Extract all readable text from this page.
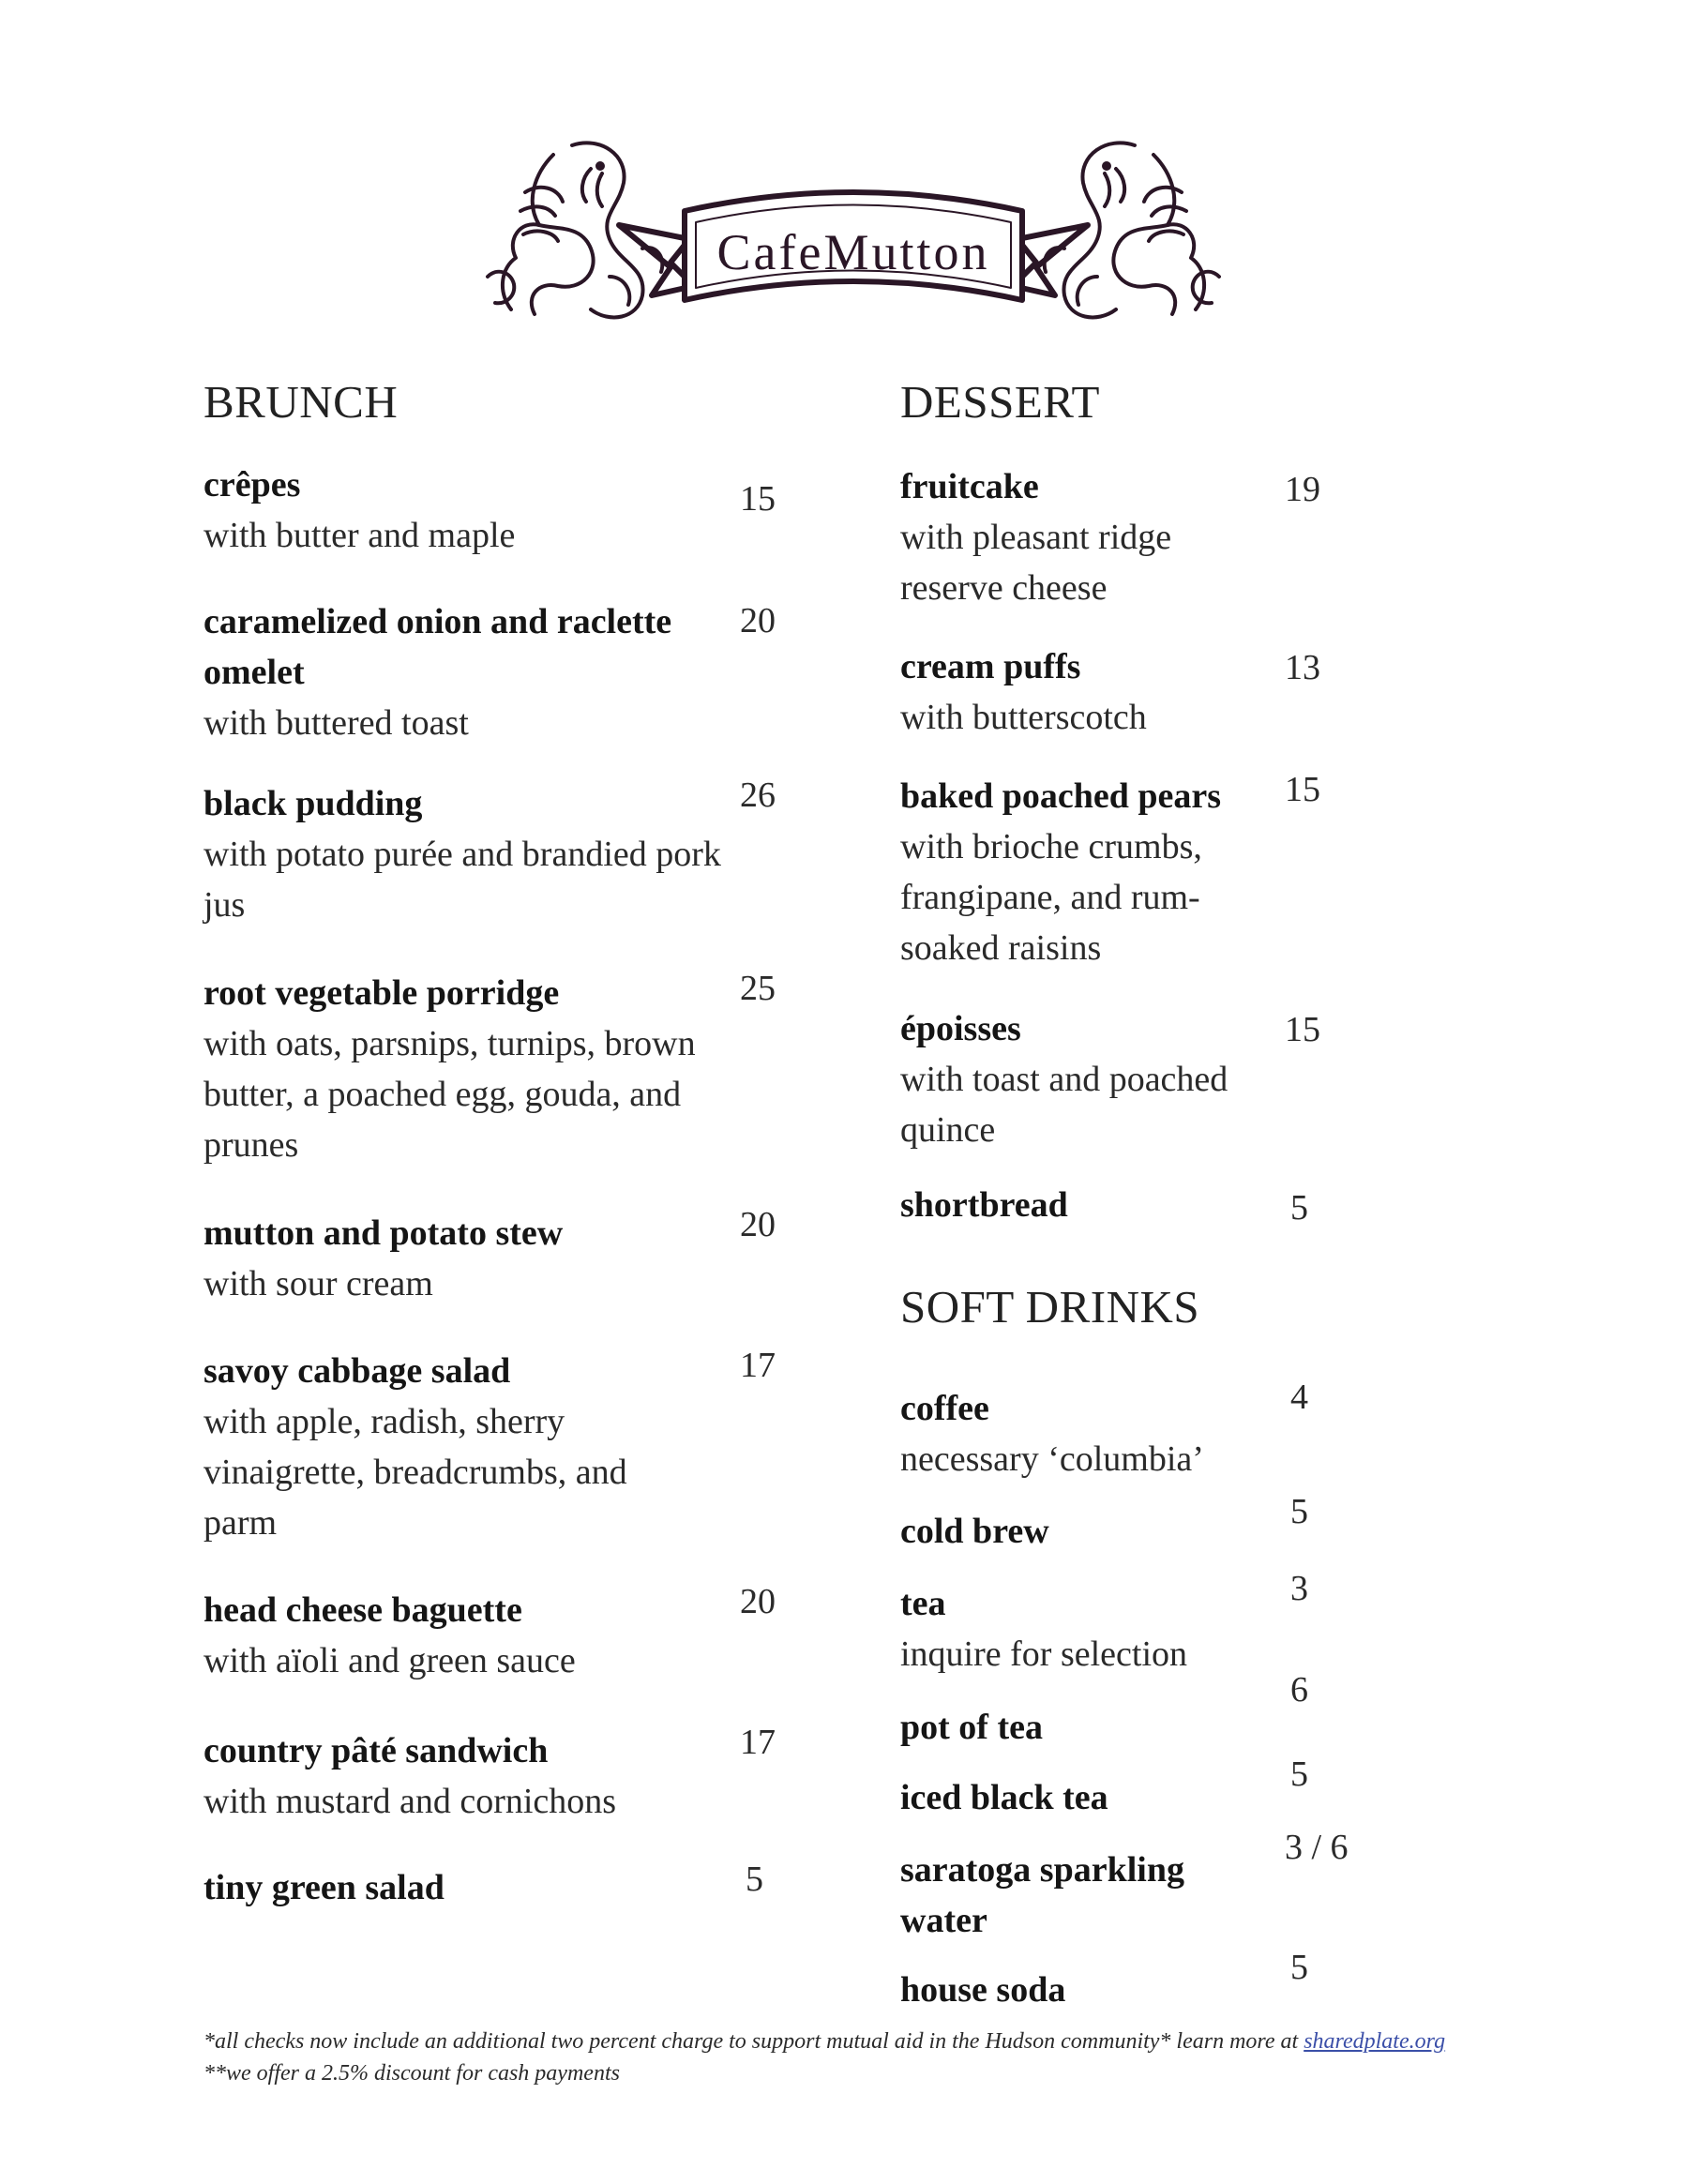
CafeMutton
BRUNCH
crêpes
with butter and maple
15
caramelized onion and raclette omelet
with buttered toast
20
black pudding
with potato purée and brandied pork jus
26
root vegetable porridge
with oats, parsnips, turnips, brown butter, a poached egg, gouda, and prunes
25
mutton and potato stew
with sour cream
20
savoy cabbage salad
with apple, radish, sherry vinaigrette, breadcrumbs, and parm
17
head cheese baguette
with aïoli and green sauce
20
country pâté sandwich
with mustard and cornichons
17
tiny green salad	5
DESSERT
fruitcake
with pleasant ridge reserve cheese
19
cream puffs
with butterscotch
13
baked poached pears
with brioche crumbs, frangipane, and rum-soaked raisins
15
époisses
with toast and poached quince
15
shortbread	5
SOFT DRINKS
coffee
necessary ‘columbia’
4
cold brew	5
tea
inquire for selection
3
pot of tea
6
iced black tea
5
saratoga sparkling water
3 / 6
house soda
5
*all checks now include an additional two percent charge to support mutual aid in the Hudson community* learn more at sharedplate.org
**we offer a 2.5% discount for cash payments
